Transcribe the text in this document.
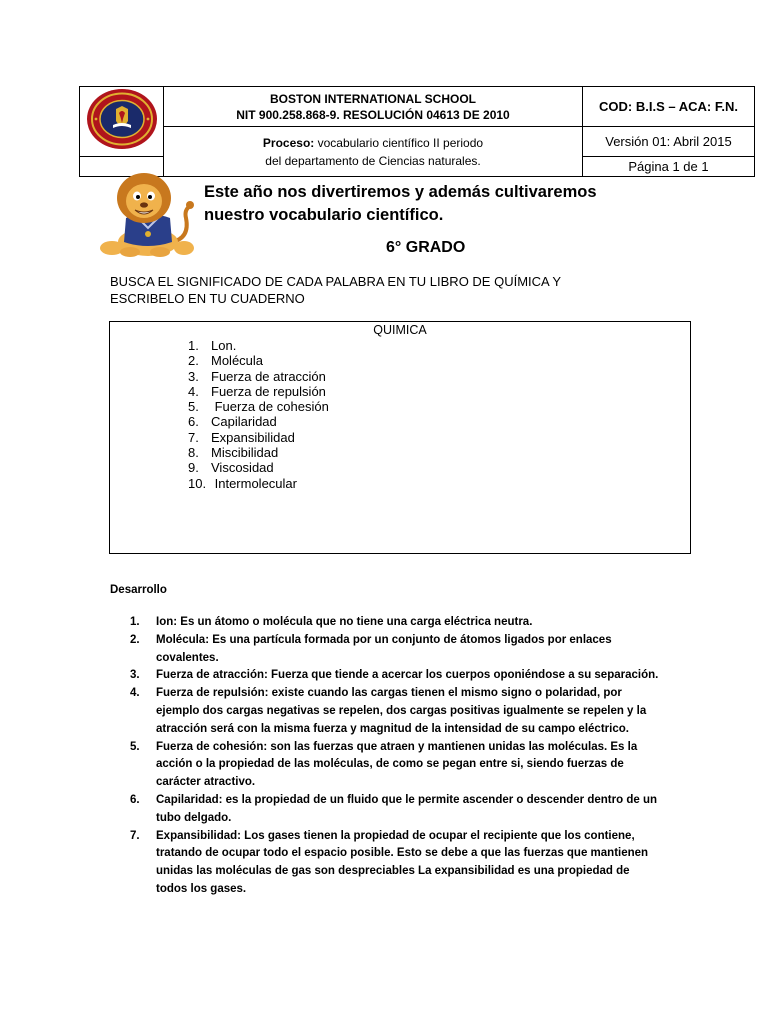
BOSTON INTERNATIONAL SCHOOL
NIT 900.258.868-9. RESOLUCIÓN 04613 DE 2010	COD: B.I.S – ACA: F.N.

	Proceso: vocabulario científico II periodo
del departamento de Ciencias naturales.	Versión 01: Abril 2015
		Página 1 de 1
Este año nos divertiremos y además cultivaremos
nuestro vocabulario científico.
6° GRADO
BUSCA EL SIGNIFICADO DE CADA PALABRA EN TU LIBRO DE QUÍMICA Y
ESCRIBELO EN TU CUADERNO
QUIMICA
1. Lon.
2. Molécula
3. Fuerza de atracción
4. Fuerza de repulsión
5. Fuerza de cohesión
6. Capilaridad
7. Expansibilidad
8. Miscibilidad
9. Viscosidad
10. Intermolecular
Desarrollo
1. Ion: Es un átomo o molécula que no tiene una carga eléctrica neutra.
2. Molécula: Es una partícula formada por un conjunto de átomos ligados por enlaces covalentes.
3. Fuerza de atracción: Fuerza que tiende a acercar los cuerpos oponiéndose a su separación.
4. Fuerza de repulsión: existe cuando las cargas tienen el mismo signo o polaridad, por ejemplo dos cargas negativas se repelen, dos cargas positivas igualmente se repelen y la atracción será con la misma fuerza y magnitud de la intensidad de su campo eléctrico.
5. Fuerza de cohesión: son las fuerzas que atraen y mantienen unidas las moléculas. Es la acción o la propiedad de las moléculas, de como se pegan entre si, siendo fuerzas de carácter atractivo.
6. Capilaridad: es la propiedad de un fluido que le permite ascender o descender dentro de un tubo delgado.
7. Expansibilidad: Los gases tienen la propiedad de ocupar el recipiente que los contiene, tratando de ocupar todo el espacio posible. Esto se debe a que las fuerzas que mantienen unidas las moléculas de gas son despreciables La expansibilidad es una propiedad de todos los gases.
